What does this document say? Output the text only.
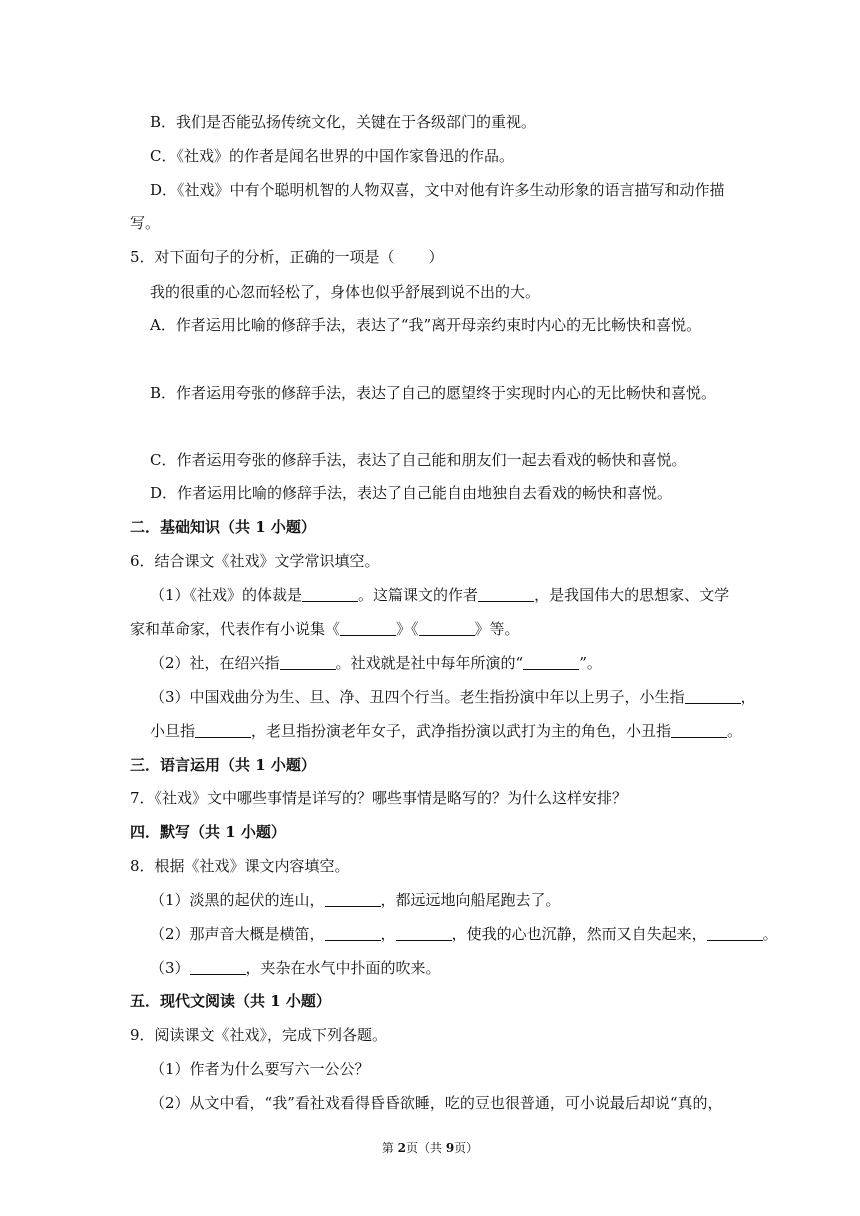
B．我们是否能弘扬传统文化，关键在于各级部门的重视。
C．《社戏》的作者是闻名世界的中国作家鲁迅的作品。
D．《社戏》中有个聪明机智的人物双喜，文中对他有许多生动形象的语言描写和动作描
写。
5．对下面句子的分析，正确的一项是（ ）
我的很重的心忽而轻松了，身体也似乎舒展到说不出的大。
A．作者运用比喻的修辞手法，表达了“我”离开母亲约束时内心的无比畅快和喜悦。
B．作者运用夸张的修辞手法，表达了自己的愿望终于实现时内心的无比畅快和喜悦。
C．作者运用夸张的修辞手法，表达了自己能和朋友们一起去看戏的畅快和喜悦。
D．作者运用比喻的修辞手法，表达了自己能自由地独自去看戏的畅快和喜悦。
二．基础知识（共 1 小题）
6．结合课文《社戏》文学常识填空。
（1）《社戏》的体裁是	。这篇课文的作者	，是我国伟大的思想家、文学
家和革命家，代表作有小说集《	》《	》等。
（2）社，在绍兴指	。社戏就是社中每年所演的“	”。
（3）中国戏曲分为生、旦、净、丑四个行当。老生指扮演中年以上男子，小生指	，
小旦指	，老旦指扮演老年女子，武净指扮演以武打为主的角色，小丑指	。
三．语言运用（共 1 小题）
7．《社戏》文中哪些事情是详写的？哪些事情是略写的？为什么这样安排？
四．默写（共 1 小题）
8．根据《社戏》课文内容填空。
（1）淡黑的起伏的连山，	，都远远地向船尾跑去了。
（2）那声音大概是横笛，	，	，使我的心也沉静，然而又自失起来，	。
（3）	，夹杂在水气中扑面的吹来。
五．现代文阅读（共 1 小题）
9．阅读课文《社戏》，完成下列各题。
（1）作者为什么要写六一公公？
（2）从文中看，“我”看社戏看得昏昏欲睡，吃的豆也很普通，可小说最后却说“真的，
第 2页（共 9页）
